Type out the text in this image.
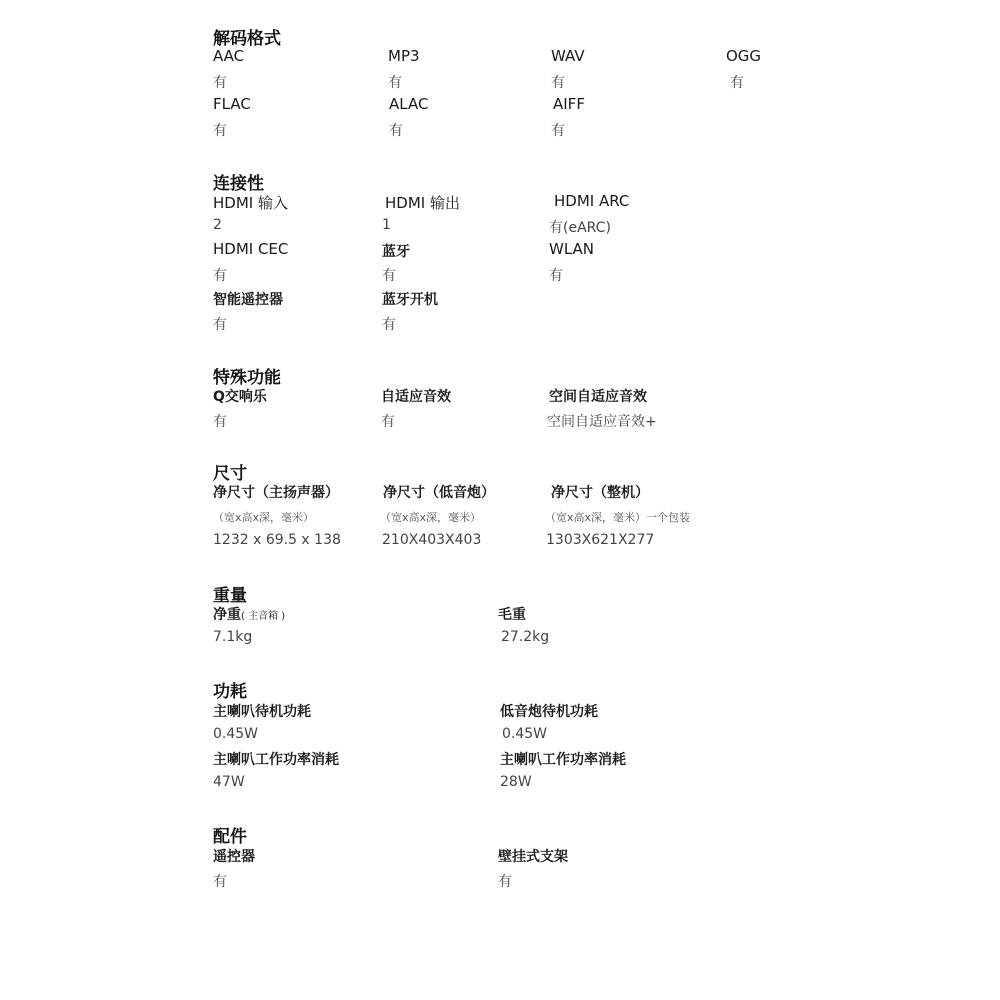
解码格式
AAC
有
MP3
有
WAV
有
OGG
有
FLAC
有
ALAC
有
AIFF
有
连接性
HDMI 输入
2
HDMI 输出
1
HDMI ARC
有(eARC)
HDMI CEC
有
蓝牙
有
WLAN
有
智能遥控器
有
蓝牙开机
有
特殊功能
Q交响乐
有
自适应音效
有
空间自适应音效
空间自适应音效+
尺寸
净尺寸（主扬声器）
（宽x高x深，毫米）
1232 x 69.5 x 138
净尺寸（低音炮）
（宽x高x深，毫米）
210X403X403
净尺寸（整机）
（宽x高x深，毫米）一个包装
1303X621X277
重量
净重( 主音箱 )
7.1kg
毛重
27.2kg
功耗
主喇叭待机功耗
0.45W
低音炮待机功耗
0.45W
主喇叭工作功率消耗
47W
主喇叭工作功率消耗
28W
配件
遥控器
有
壁挂式支架
有
